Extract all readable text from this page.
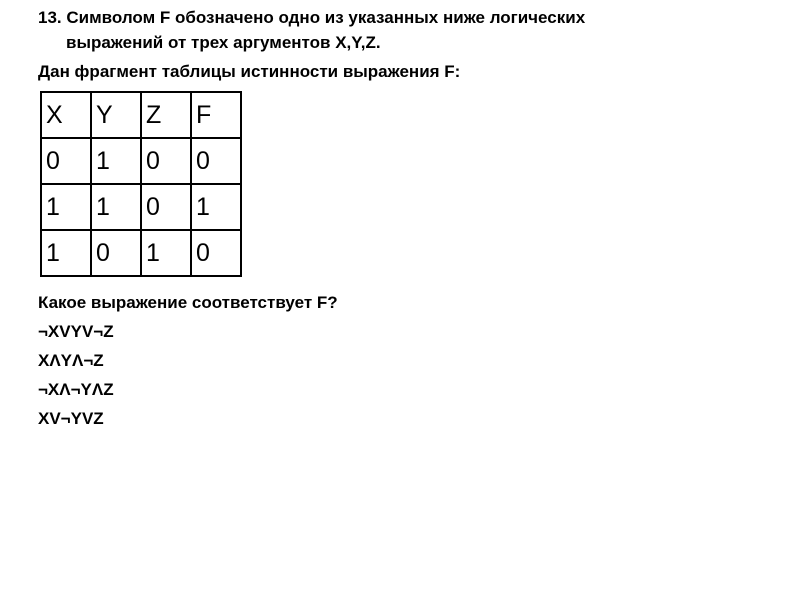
13. Символом F обозначено одно из указанных ниже логических
выражений от трех аргументов X,Y,Z.
Дан фрагмент таблицы истинности выражения F:
X	Y	Z	F
0	1	0	0
1	1	0	1
1	0	1	0
Какое выражение соответствует F?
¬XVYV¬Z
XΛYΛ¬Z
¬XΛ¬YΛZ
XV¬YVZ
